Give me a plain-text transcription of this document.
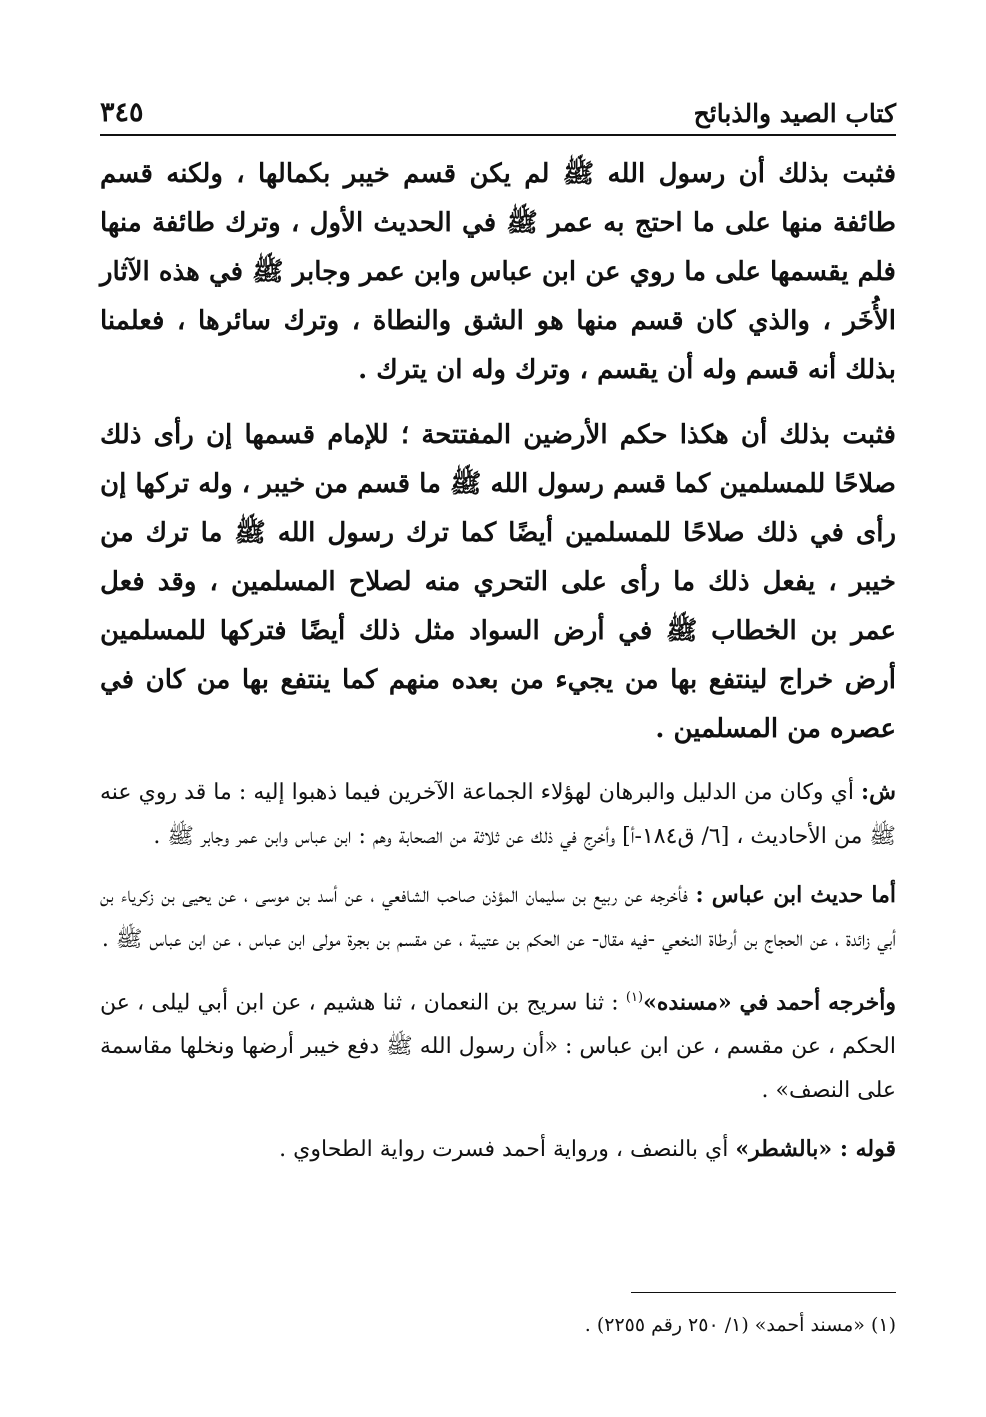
كتاب الصيد والذبائح
٣٤٥

فثبت بذلك أن رسول الله ﷺ لم يكن قسم خيبر بكمالها ، ولكنه قسم طائفة منها على ما احتج به عمر ﷺ في الحديث الأول ، وترك طائفة منها فلم يقسمها على ما روي عن ابن عباس وابن عمر وجابر ﷺ في هذه الآثار الأُخَر ، والذي كان قسم منها هو الشق والنطاة ، وترك سائرها ، فعلمنا بذلك أنه قسم وله أن يقسم ، وترك وله ان يترك .

فثبت بذلك أن هكذا حكم الأرضين المفتتحة ؛ للإمام قسمها إن رأى ذلك صلاحًا للمسلمين كما قسم رسول الله ﷺ ما قسم من خيبر ، وله تركها إن رأى في ذلك صلاحًا للمسلمين أيضًا كما ترك رسول الله ﷺ ما ترك من خيبر ، يفعل ذلك ما رأى على التحري منه لصلاح المسلمين ، وقد فعل عمر بن الخطاب ﷺ في أرض السواد مثل ذلك أيضًا فتركها للمسلمين أرض خراج لينتفع بها من يجيء من بعده منهم كما ينتفع بها من كان في عصره من المسلمين .

ش: أي وكان من الدليل والبرهان لهؤلاء الجماعة الآخرين فيما ذهبوا إليه : ما قد روي عنه ﷺ من الأحاديث ، [٦/ ق١٨٤-أ] وأخرج في ذلك عن ثلاثة من الصحابة وهم : ابن عباس وابن عمر وجابر ﷺ .

أما حديث ابن عباس : فأخرجه عن ربيع بن سليمان المؤذن صاحب الشافعي ، عن أسد بن موسى ، عن يحيى بن زكرياء بن أبي زائدة ، عن الحجاج بن أرطاة النخعي -فيه مقال- عن الحكم بن عتيبة ، عن مقسم بن بجرة مولى ابن عباس ، عن ابن عباس ﷺ .

وأخرجه أحمد في «مسنده»$^{(١)}$ : ثنا سريج بن النعمان ، ثنا هشيم ، عن ابن أبي ليلى ، عن الحكم ، عن مقسم ، عن ابن عباس : «أن رسول الله ﷺ دفع خيبر أرضها ونخلها مقاسمة على النصف» .

قوله : «بالشطر» أي بالنصف ، ورواية أحمد فسرت رواية الطحاوي .

(١) «مسند أحمد» (١/ ٢٥٠ رقم ٢٢٥٥) .
